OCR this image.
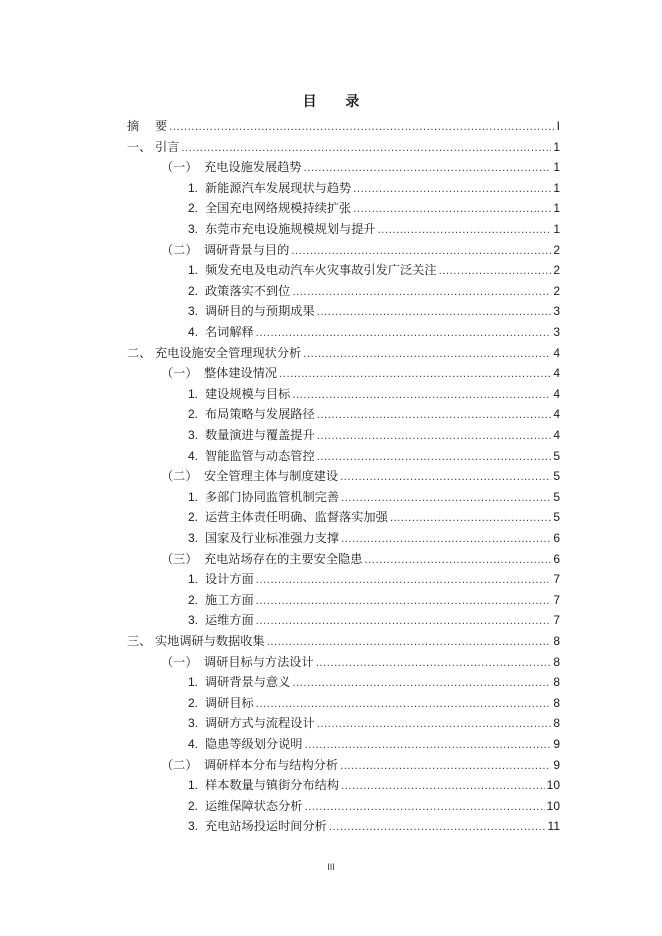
目 录
摘	要 .....	I
一、 引言 .....	1
（一） 充电设施发展趋势 .....	1
1. 新能源汽车发展现状与趋势 .....	1
2. 全国充电网络规模持续扩张 .....	1
3. 东莞市充电设施规模规划与提升 .....	1
（二） 调研背景与目的 .....	2
1. 频发充电及电动汽车火灾事故引发广泛关注 .....	2
2. 政策落实不到位 .....	2
3. 调研目的与预期成果 .....	3
4. 名词解释 .....	3
二、 充电设施安全管理现状分析 .....	4
（一） 整体建设情况 .....	4
1. 建设规模与目标 .....	4
2. 布局策略与发展路径 .....	4
3. 数量演进与覆盖提升 .....	4
4. 智能监管与动态管控 .....	5
（二） 安全管理主体与制度建设 .....	5
1. 多部门协同监管机制完善 .....	5
2. 运营主体责任明确、监督落实加强 .....	5
3. 国家及行业标准强力支撑 .....	6
（三） 充电站场存在的主要安全隐患 .....	6
1. 设计方面 .....	7
2. 施工方面 .....	7
3. 运维方面 .....	7
三、 实地调研与数据收集 .....	8
（一） 调研目标与方法设计 .....	8
1. 调研背景与意义 .....	8
2. 调研目标 .....	8
3. 调研方式与流程设计 .....	8
4. 隐患等级划分说明 .....	9
（二） 调研样本分布与结构分析 .....	9
1. 样本数量与镇街分布结构 .....	10
2. 运维保障状态分析 .....	10
3. 充电站场投运时间分析 .....	11
III
